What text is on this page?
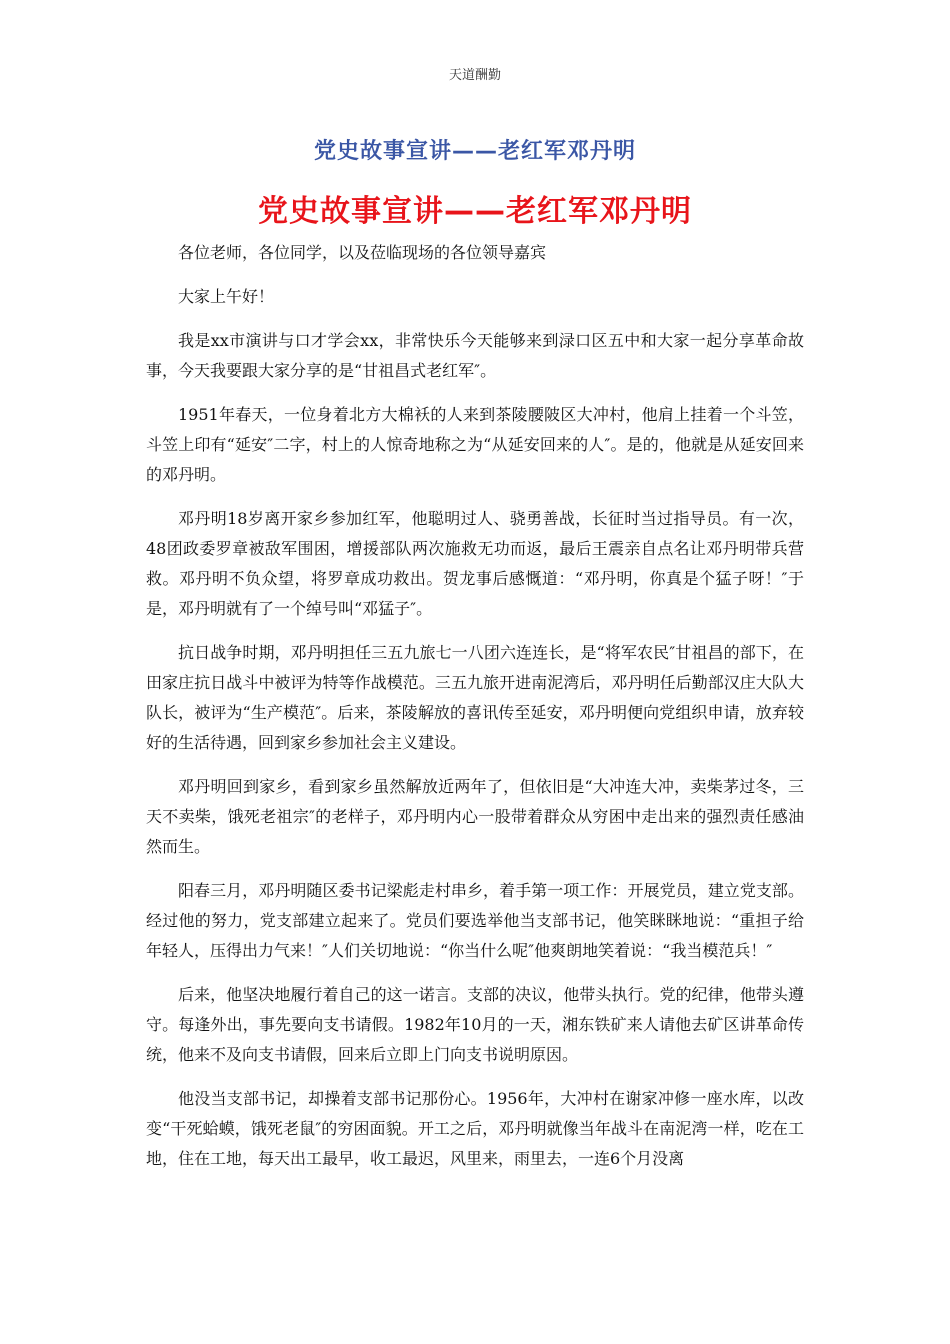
天道酬勤
党史故事宣讲——老红军邓丹明
党史故事宣讲——老红军邓丹明

各位老师，各位同学，以及莅临现场的各位领导嘉宾

大家上午好！

我是xx市演讲与口才学会xx，非常快乐今天能够来到渌口区五中和大家一起分享革命故事，今天我要跟大家分享的是“甘祖昌式老红军″。

1951年春天，一位身着北方大棉袄的人来到茶陵腰陂区大冲村，他肩上挂着一个斗笠，斗笠上印有“延安″二字，村上的人惊奇地称之为“从延安回来的人″。是的，他就是从延安回来的邓丹明。

邓丹明18岁离开家乡参加红军，他聪明过人、骁勇善战，长征时当过指导员。有一次，48团政委罗章被敌军围困，增援部队两次施救无功而返，最后王震亲自点名让邓丹明带兵营救。邓丹明不负众望，将罗章成功救出。贺龙事后感慨道：“邓丹明，你真是个猛子呀！″于是，邓丹明就有了一个绰号叫“邓猛子″。

抗日战争时期，邓丹明担任三五九旅七一八团六连连长，是“将军农民″甘祖昌的部下，在田家庄抗日战斗中被评为特等作战模范。三五九旅开进南泥湾后，邓丹明任后勤部汉庄大队大队长，被评为“生产模范″。后来，茶陵解放的喜讯传至延安，邓丹明便向党组织申请，放弃较好的生活待遇，回到家乡参加社会主义建设。

邓丹明回到家乡，看到家乡虽然解放近两年了，但依旧是“大冲连大冲，卖柴茅过冬，三天不卖柴，饿死老祖宗″的老样子，邓丹明内心一股带着群众从穷困中走出来的强烈责任感油然而生。

阳春三月，邓丹明随区委书记梁彪走村串乡，着手第一项工作：开展党员，建立党支部。经过他的努力，党支部建立起来了。党员们要选举他当支部书记，他笑眯眯地说：“重担子给年轻人，压得出力气来！″人们关切地说：“你当什么呢″他爽朗地笑着说：“我当模范兵！″

后来，他坚决地履行着自己的这一诺言。支部的决议，他带头执行。党的纪律，他带头遵守。每逢外出，事先要向支书请假。1982年10月的一天，湘东铁矿来人请他去矿区讲革命传统，他来不及向支书请假，回来后立即上门向支书说明原因。

他没当支部书记，却操着支部书记那份心。1956年，大冲村在谢家冲修一座水库，以改变“干死蛤蟆，饿死老鼠″的穷困面貌。开工之后，邓丹明就像当年战斗在南泥湾一样，吃在工地，住在工地，每天出工最早，收工最迟，风里来，雨里去，一连6个月没离
